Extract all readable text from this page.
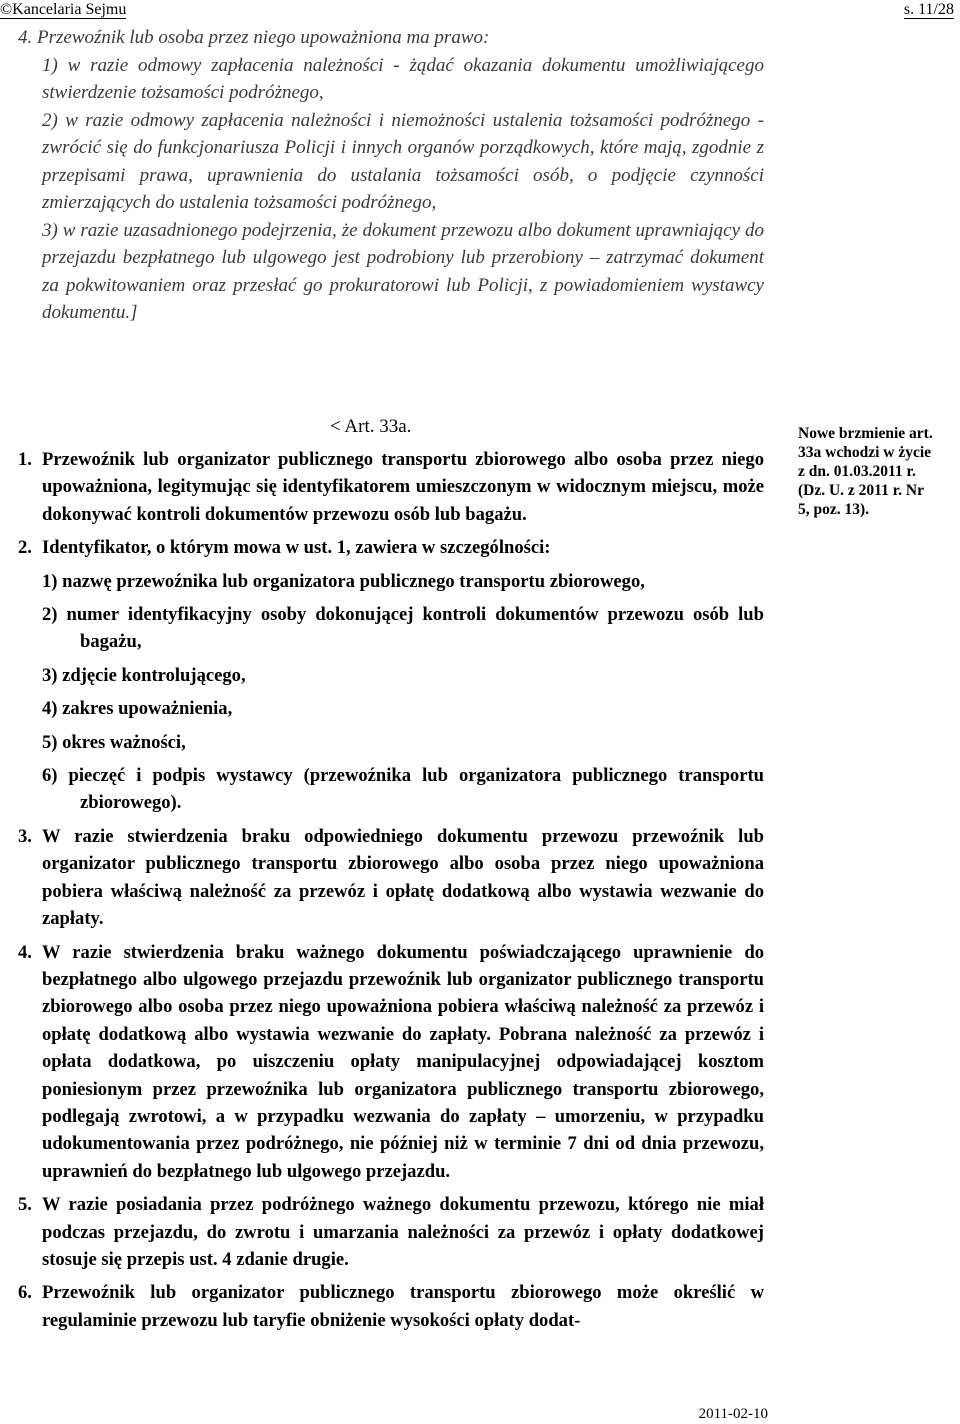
©Kancelaria Sejmu	s. 11/28

4. Przewoźnik lub osoba przez niego upoważniona ma prawo:

1) w razie odmowy zapłacenia należności - żądać okazania dokumentu umożliwiającego stwierdzenie tożsamości podróżnego,

2) w razie odmowy zapłacenia należności i niemożności ustalenia tożsamości podróżnego - zwrócić się do funkcjonariusza Policji i innych organów porządkowych, które mają, zgodnie z przepisami prawa, uprawnienia do ustalania tożsamości osób, o podjęcie czynności zmierzających do ustalenia tożsamości podróżnego,

3) w razie uzasadnionego podejrzenia, że dokument przewozu albo dokument uprawniający do przejazdu bezpłatnego lub ulgowego jest podrobiony lub przerobiony – zatrzymać dokument za pokwitowaniem oraz przesłać go prokuratorowi lub Policji, z powiadomieniem wystawcy dokumentu.]

< Art. 33a.

1. Przewoźnik lub organizator publicznego transportu zbiorowego albo osoba przez niego upoważniona, legitymując się identyfikatorem umieszczonym w widocznym miejscu, może dokonywać kontroli dokumentów przewozu osób lub bagażu.

2. Identyfikator, o którym mowa w ust. 1, zawiera w szczególności:

1) nazwę przewoźnika lub organizatora publicznego transportu zbiorowego,

2) numer identyfikacyjny osoby dokonującej kontroli dokumentów przewozu osób lub bagażu,

3) zdjęcie kontrolującego,

4) zakres upoważnienia,

5) okres ważności,

6) pieczęć i podpis wystawcy (przewoźnika lub organizatora publicznego transportu zbiorowego).

3. W razie stwierdzenia braku odpowiedniego dokumentu przewozu przewoźnik lub organizator publicznego transportu zbiorowego albo osoba przez niego upoważniona pobiera właściwą należność za przewóz i opłatę dodatkową albo wystawia wezwanie do zapłaty.

4. W razie stwierdzenia braku ważnego dokumentu poświadczającego uprawnienie do bezpłatnego albo ulgowego przejazdu przewoźnik lub organizator publicznego transportu zbiorowego albo osoba przez niego upoważniona pobiera właściwą należność za przewóz i opłatę dodatkową albo wystawia wezwanie do zapłaty. Pobrana należność za przewóz i opłata dodatkowa, po uiszczeniu opłaty manipulacyjnej odpowiadającej kosztom poniesionym przez przewoźnika lub organizatora publicznego transportu zbiorowego, podlegają zwrotowi, a w przypadku wezwania do zapłaty – umorzeniu, w przypadku udokumentowania przez podróżnego, nie później niż w terminie 7 dni od dnia przewozu, uprawnień do bezpłatnego lub ulgowego przejazdu.

5. W razie posiadania przez podróżnego ważnego dokumentu przewozu, którego nie miał podczas przejazdu, do zwrotu i umarzania należności za przewóz i opłaty dodatkowej stosuje się przepis ust. 4 zdanie drugie.

6. Przewoźnik lub organizator publicznego transportu zbiorowego może określić w regulaminie przewozu lub taryfie obniżenie wysokości opłaty dodat-

Nowe brzmienie art.
33a wchodzi w życie
z dn. 01.03.2011 r.
(Dz. U. z 2011 r. Nr
5, poz. 13).
2011-02-10
